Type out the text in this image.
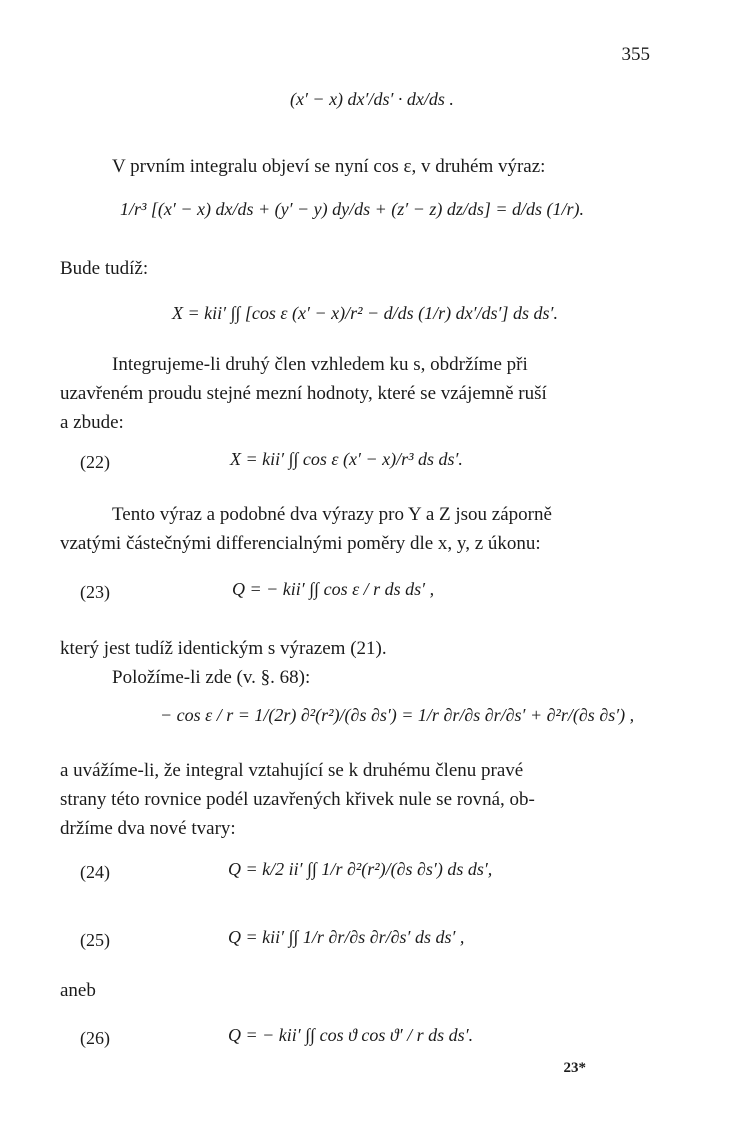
355
(x′ − x) dx′/ds′ · dx/ds .
V prvním integralu objeví se nyní cos ε, v druhém výraz:
1/r³ [(x′ − x) dx/ds + (y′ − y) dy/ds + (z′ − z) dz/ds] = d/ds (1/r).
Bude tudíž:
X = kii′ ∫∫ [cos ε (x′ − x)/r² − d/ds (1/r) dx′/ds′] ds ds′.
Integrujeme-li druhý člen vzhledem ku s, obdržíme při
uzavřeném proudu stejné mezní hodnoty, které se vzájemně ruší
a zbude:
(22)	X = kii′ ∫∫ cos ε (x′ − x)/r³ ds ds′.
Tento výraz a podobné dva výrazy pro Y a Z jsou záporně
vzatými částečnými differencialnými poměry dle x, y, z úkonu:
(23)	Q = − kii′ ∫∫ cos ε / r ds ds′ ,
který jest tudíž identickým s výrazem (21).
Položíme-li zde (v. §. 68):
− cos ε / r = 1/(2r) ∂²(r²)/(∂s ∂s′) = 1/r ∂r/∂s ∂r/∂s′ + ∂²r/(∂s ∂s′) ,
a uvážíme-li, že integral vztahující se k druhému členu pravé
strany této rovnice podél uzavřených křivek nule se rovná, ob-
držíme dva nové tvary:
(24)	Q = k/2 ii′ ∫∫ 1/r ∂²(r²)/(∂s ∂s′) ds ds′,
(25)	Q = kii′ ∫∫ 1/r ∂r/∂s ∂r/∂s′ ds ds′ ,
aneb
(26)	Q = − kii′ ∫∫ cos ϑ cos ϑ′ / r ds ds′.
23*
